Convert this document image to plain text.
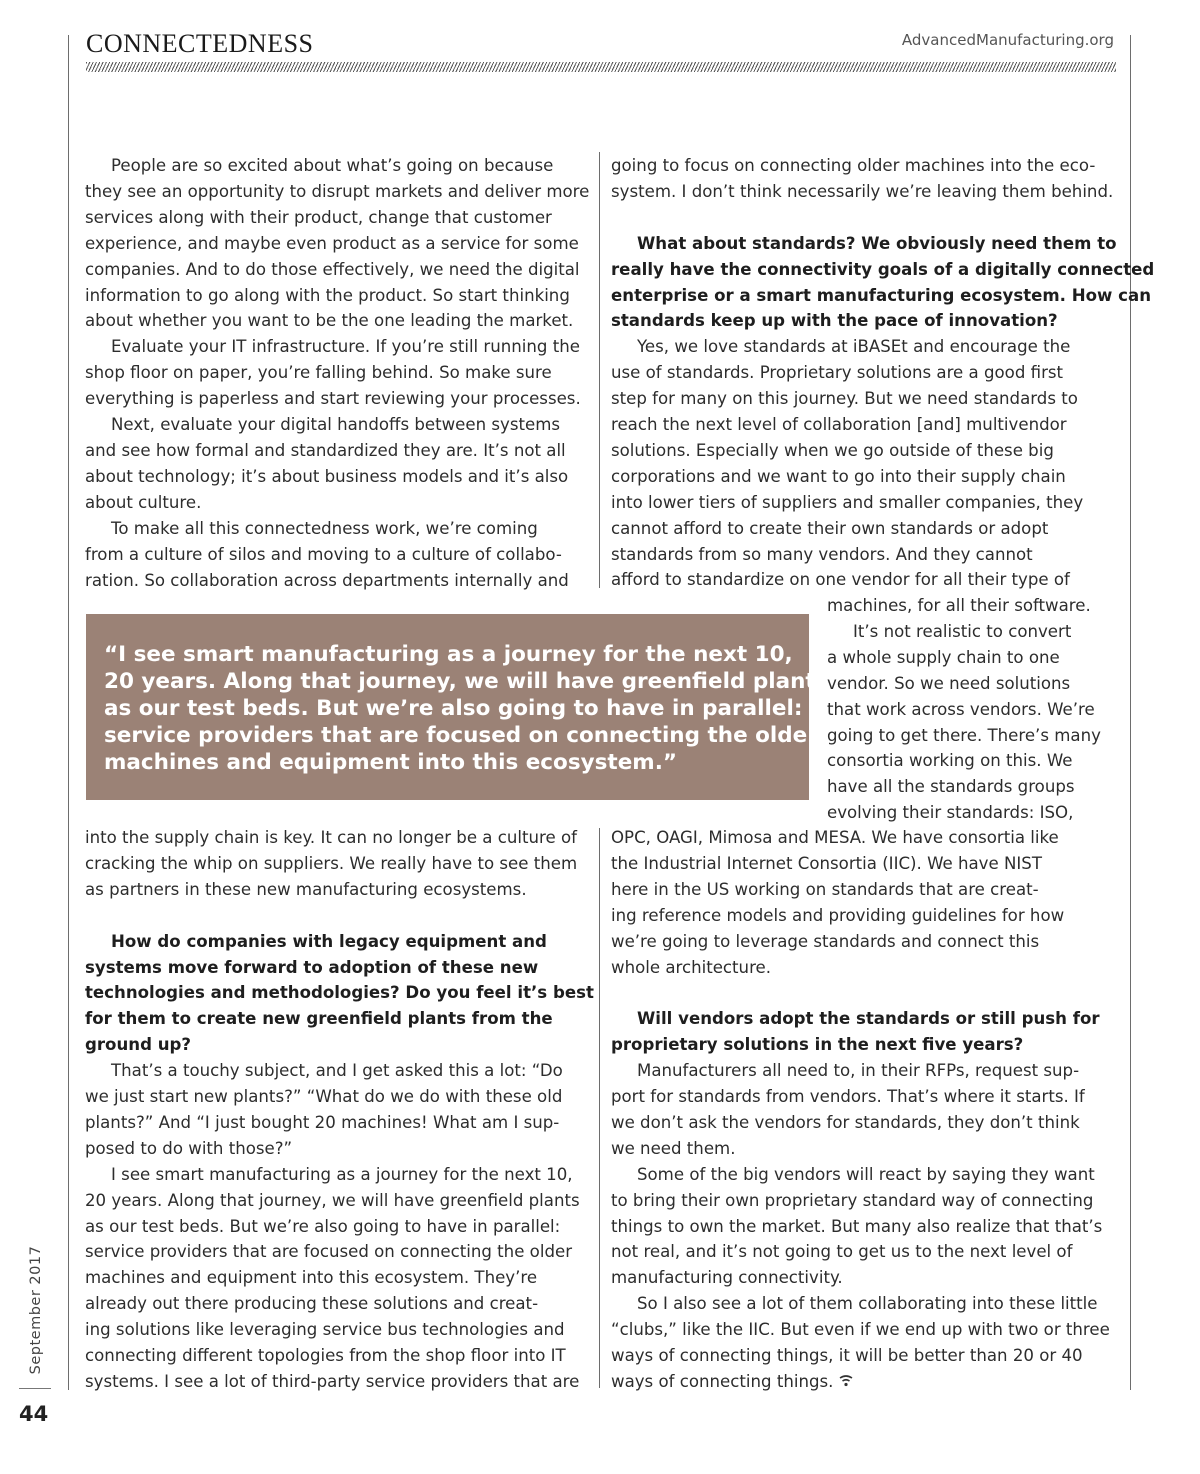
CONNECTEDNESS	AdvancedManufacturing.org

People are so excited about what’s going on because

they see an opportunity to disrupt markets and deliver more

services along with their product, change that customer

experience, and maybe even product as a service for some

companies. And to do those effectively, we need the digital

information to go along with the product. So start thinking

about whether you want to be the one leading the market.

Evaluate your IT infrastructure. If you’re still running the

shop floor on paper, you’re falling behind. So make sure

everything is paperless and start reviewing your processes.

Next, evaluate your digital handoffs between systems

and see how formal and standardized they are. It’s not all

about technology; it’s about business models and it’s also

about culture.

To make all this connectedness work, we’re coming

from a culture of silos and moving to a culture of collabo-

ration. So collaboration across departments internally and

into the supply chain is key. It can no longer be a culture of

cracking the whip on suppliers. We really have to see them

as partners in these new manufacturing ecosystems.

How do companies with legacy equipment and

systems move forward to adoption of these new

technologies and methodologies? Do you feel it’s best

for them to create new greenfield plants from the

ground up?

That’s a touchy subject, and I get asked this a lot: “Do

we just start new plants?” “What do we do with these old

plants?” And “I just bought 20 machines! What am I sup-

posed to do with those?”

I see smart manufacturing as a journey for the next 10,

20 years. Along that journey, we will have greenfield plants

as our test beds. But we’re also going to have in parallel:

service providers that are focused on connecting the older

machines and equipment into this ecosystem. They’re

already out there producing these solutions and creat-

ing solutions like leveraging service bus technologies and

connecting different topologies from the shop floor into IT

systems. I see a lot of third-party service providers that are

going to focus on connecting older machines into the eco-

system. I don’t think necessarily we’re leaving them behind.

What about standards? We obviously need them to

really have the connectivity goals of a digitally connected

enterprise or a smart manufacturing ecosystem. How can

standards keep up with the pace of innovation?

Yes, we love standards at iBASEt and encourage the

use of standards. Proprietary solutions are a good first

step for many on this journey. But we need standards to

reach the next level of collaboration [and] multivendor

solutions. Especially when we go outside of these big

corporations and we want to go into their supply chain

into lower tiers of suppliers and smaller companies, they

cannot afford to create their own standards or adopt

standards from so many vendors. And they cannot

afford to standardize on one vendor for all their type of

machines, for all their software.

It’s not realistic to convert

a whole supply chain to one

vendor. So we need solutions

that work across vendors. We’re

going to get there. There’s many

consortia working on this. We

have all the standards groups

evolving their standards: ISO,

OPC, OAGI, Mimosa and MESA. We have consortia like

the Industrial Internet Consortia (IIC). We have NIST

here in the US working on standards that are creat-

ing reference models and providing guidelines for how

we’re going to leverage standards and connect this

whole architecture.

Will vendors adopt the standards or still push for

proprietary solutions in the next five years?

Manufacturers all need to, in their RFPs, request sup-

port for standards from vendors. That’s where it starts. If

we don’t ask the vendors for standards, they don’t think

we need them.

Some of the big vendors will react by saying they want

to bring their own proprietary standard way of connecting

things to own the market. But many also realize that that’s

not real, and it’s not going to get us to the next level of

manufacturing connectivity.

So I also see a lot of them collaborating into these little

“clubs,” like the IIC. But even if we end up with two or three

ways of connecting things, it will be better than 20 or 40

ways of connecting things.

“I see smart manufacturing as a journey for the next 10,

20 years. Along that journey, we will have greenfield plants

as our test beds. But we’re also going to have in parallel:

service providers that are focused on connecting the older

machines and equipment into this ecosystem.”

September 2017
44
